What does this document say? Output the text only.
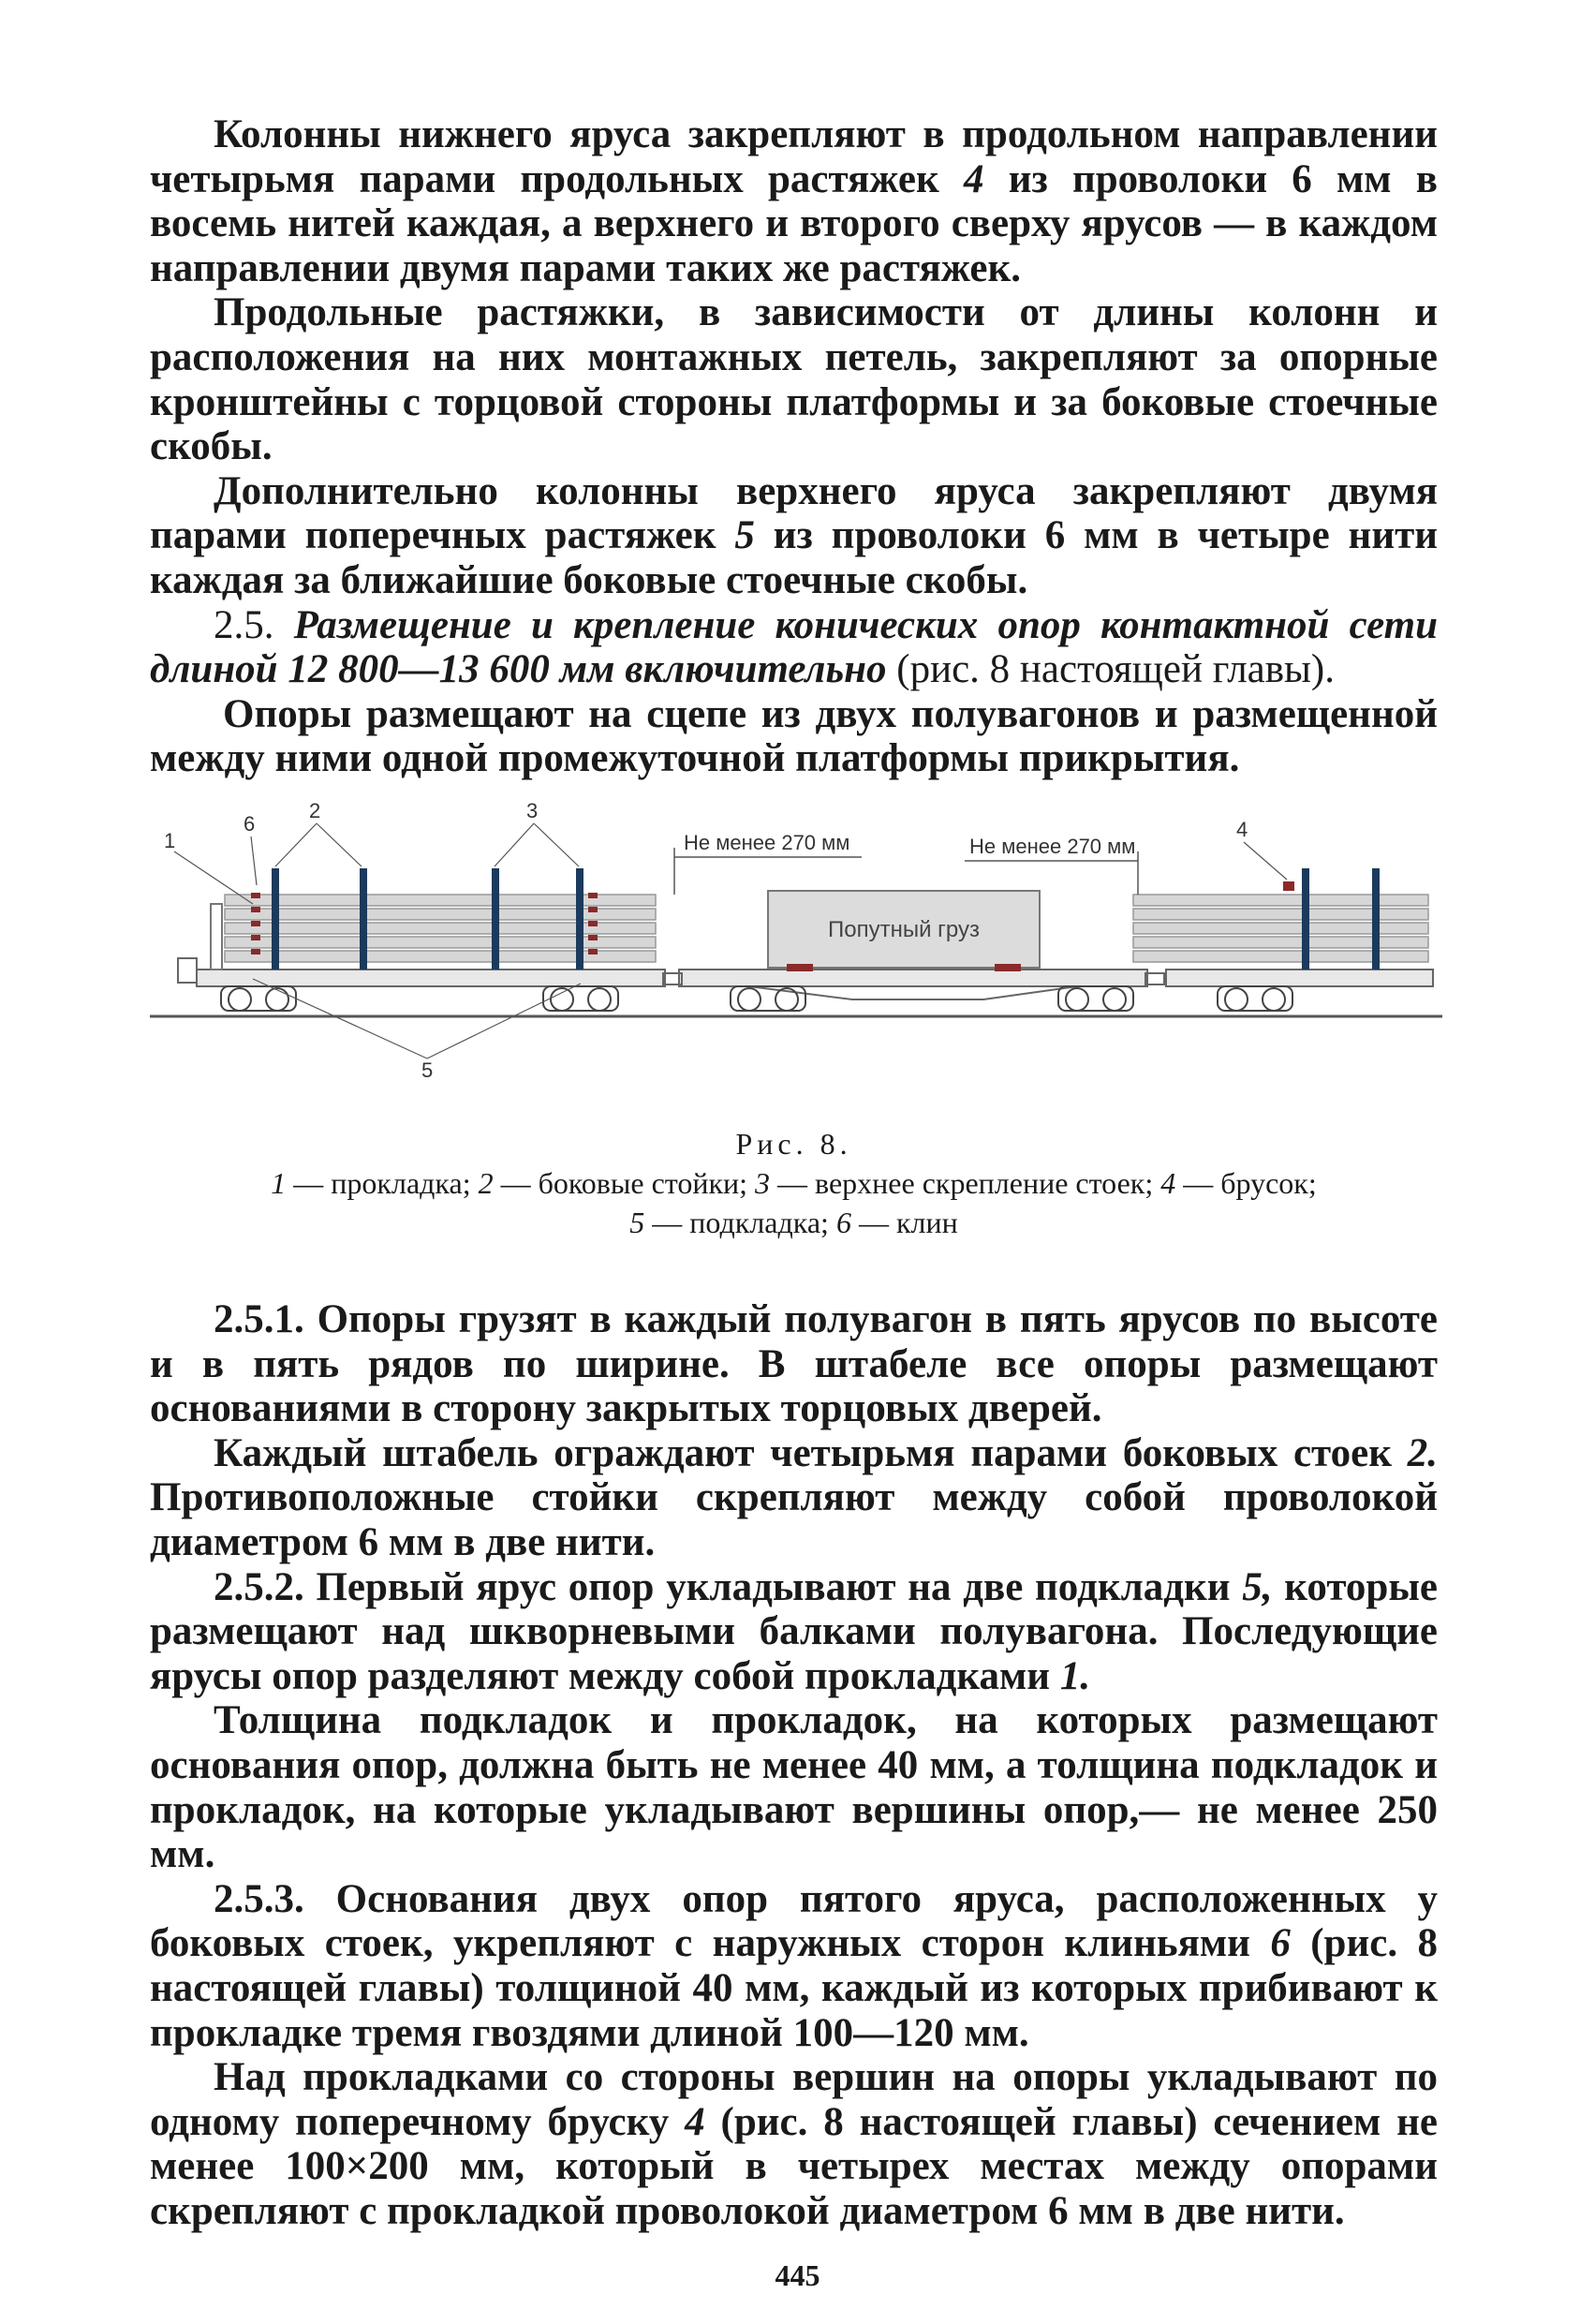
Колонны нижнего яруса закрепляют в продольном направлении четырьмя парами продольных растяжек 4 из проволоки 6 мм в восемь нитей каждая, а верхнего и второго сверху ярусов — в каждом направлении двумя парами таких же растяжек.

Продольные растяжки, в зависимости от длины колонн и расположения на них монтажных петель, закрепляют за опорные кронштейны с торцовой стороны платформы и за боковые стоечные скобы.

Дополнительно колонны верхнего яруса закрепляют двумя парами поперечных растяжек 5 из проволоки 6 мм в четыре нити каждая за ближайшие боковые стоечные скобы.

2.5. Размещение и крепление конических опор контактной сети длиной 12 800—13 600 мм включительно (рис. 8 настоящей главы).

Опоры размещают на сцепе из двух полувагонов и размещенной между ними одной промежуточной платформы прикрытия.

Не менее 270 мм	Не менее 270 мм
Попутный груз
1
6
2	3
4
5
Рис. 8.
1 — прокладка; 2 — боковые стойки; 3 — верхнее скрепление стоек; 4 — брусок;
5 — подкладка; 6 — клин

2.5.1. Опоры грузят в каждый полувагон в пять ярусов по высоте и в пять рядов по ширине. В штабеле все опоры размещают основаниями в сторону закрытых торцовых дверей.

Каждый штабель ограждают четырьмя парами боковых стоек 2. Противоположные стойки скрепляют между собой проволокой диаметром 6 мм в две нити.

2.5.2. Первый ярус опор укладывают на две подкладки 5, которые размещают над шкворневыми балками полувагона. Последующие ярусы опор разделяют между собой прокладками 1.

Толщина подкладок и прокладок, на которых размещают основания опор, должна быть не менее 40 мм, а толщина подкладок и прокладок, на которые укладывают вершины опор,— не менее 250 мм.

2.5.3. Основания двух опор пятого яруса, расположенных у боковых стоек, укрепляют с наружных сторон клиньями 6 (рис. 8 настоящей главы) толщиной 40 мм, каждый из которых прибивают к прокладке тремя гвоздями длиной 100—120 мм.

Над прокладками со стороны вершин на опоры укладывают по одному поперечному бруску 4 (рис. 8 настоящей главы) сечением не менее 100×200 мм, который в четырех местах между опорами скрепляют с прокладкой проволокой диаметром 6 мм в две нити.

445
